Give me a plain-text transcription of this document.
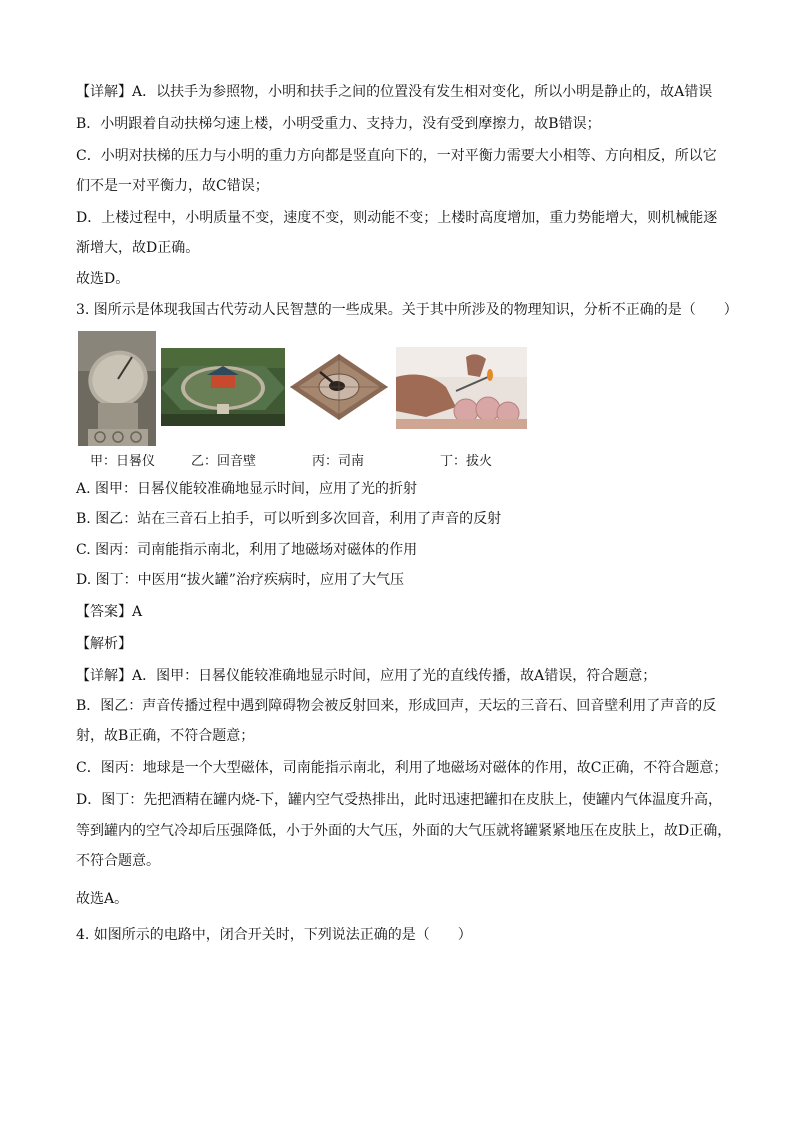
【详解】A．以扶手为参照物，小明和扶手之间的位置没有发生相对变化，所以小明是静止的，故A错误
B．小明跟着自动扶梯匀速上楼，小明受重力、支持力，没有受到摩擦力，故B错误；
C．小明对扶梯的压力与小明的重力方向都是竖直向下的，一对平衡力需要大小相等、方向相反，所以它
们不是一对平衡力，故C错误；
D．上楼过程中，小明质量不变，速度不变，则动能不变；上楼时高度增加，重力势能增大，则机械能逐
渐增大，故D正确。
故选D。
3. 图所示是体现我国古代劳动人民智慧的一些成果。关于其中所涉及的物理知识，分析不正确的是（　　）
甲：日晷仪	乙：回音壁	丙：司南	丁：拔火
A. 图甲：日晷仪能较准确地显示时间，应用了光的折射
B. 图乙：站在三音石上拍手，可以听到多次回音，利用了声音的反射
C. 图丙：司南能指示南北，利用了地磁场对磁体的作用
D. 图丁：中医用“拔火罐”治疗疾病时，应用了大气压
【答案】A
【解析】
【详解】A．图甲：日晷仪能较准确地显示时间，应用了光的直线传播，故A错误，符合题意；
B．图乙：声音传播过程中遇到障碍物会被反射回来，形成回声，天坛的三音石、回音壁利用了声音的反
射，故B正确，不符合题意；
C．图丙：地球是一个大型磁体，司南能指示南北，利用了地磁场对磁体的作用，故C正确，不符合题意；
D．图丁：先把酒精在罐内烧-下，罐内空气受热排出，此时迅速把罐扣在皮肤上，使罐内气体温度升高，
等到罐内的空气冷却后压强降低，小于外面的大气压，外面的大气压就将罐紧紧地压在皮肤上，故D正确，
不符合题意。
故选A。
4. 如图所示的电路中，闭合开关时，下列说法正确的是（　　）
